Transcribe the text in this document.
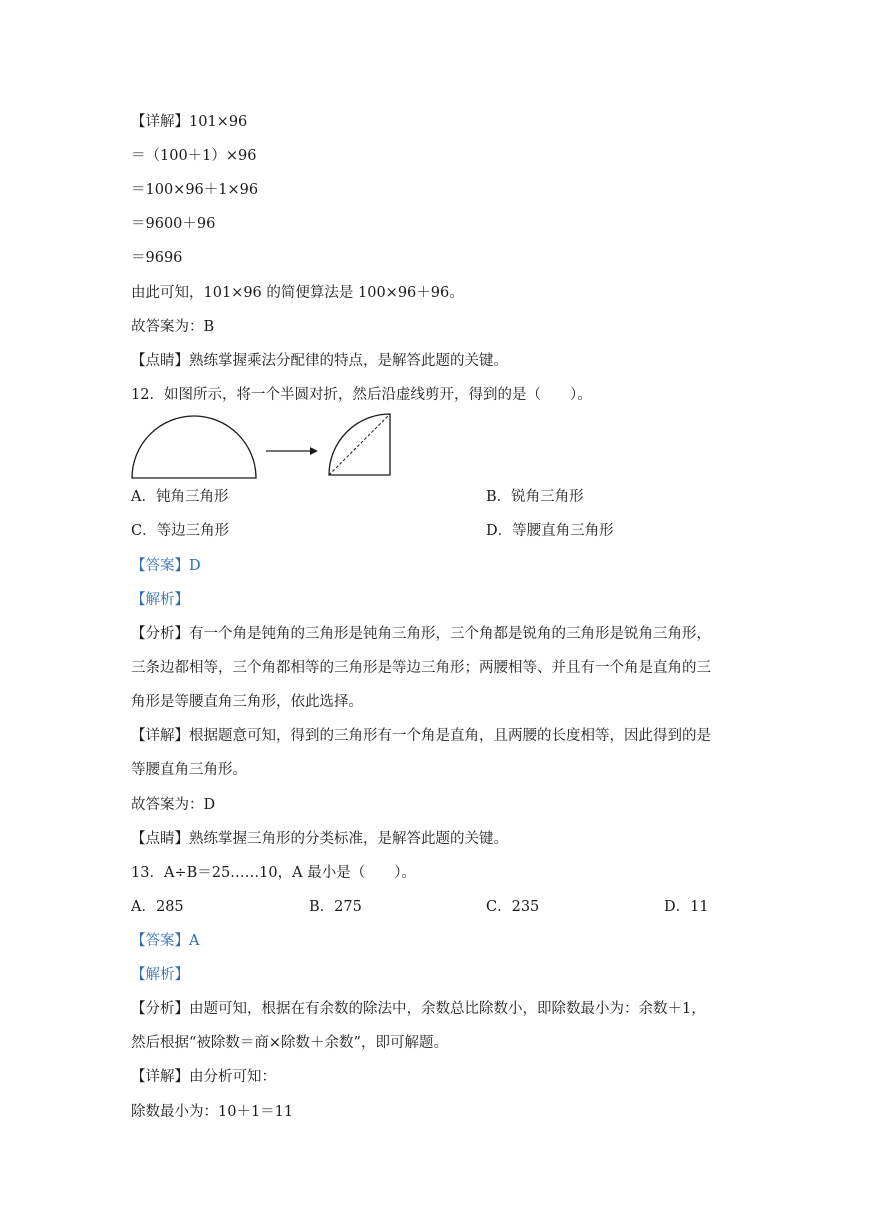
【详解】101×96
＝（100＋1）×96
＝100×96＋1×96
＝9600＋96
＝9696
由此可知，101×96 的简便算法是 100×96＋96。
故答案为：B
【点睛】熟练掌握乘法分配律的特点，是解答此题的关键。
12．如图所示，将一个半圆对折，然后沿虚线剪开，得到的是（　　）。
A．钝角三角形	B．锐角三角形
C．等边三角形	D．等腰直角三角形
【答案】D
【解析】
【分析】有一个角是钝角的三角形是钝角三角形，三个角都是锐角的三角形是锐角三角形，
三条边都相等，三个角都相等的三角形是等边三角形；两腰相等、并且有一个角是直角的三
角形是等腰直角三角形，依此选择。
【详解】根据题意可知，得到的三角形有一个角是直角，且两腰的长度相等，因此得到的是
等腰直角三角形。
故答案为：D
【点睛】熟练掌握三角形的分类标准，是解答此题的关键。
13．A÷B＝25……10，A 最小是（　　）。
A．285	B．275	C．235	D．11
【答案】A
【解析】
【分析】由题可知，根据在有余数的除法中，余数总比除数小，即除数最小为：余数＋1，
然后根据“被除数＝商×除数＋余数”，即可解题。
【详解】由分析可知：
除数最小为：10＋1＝11
